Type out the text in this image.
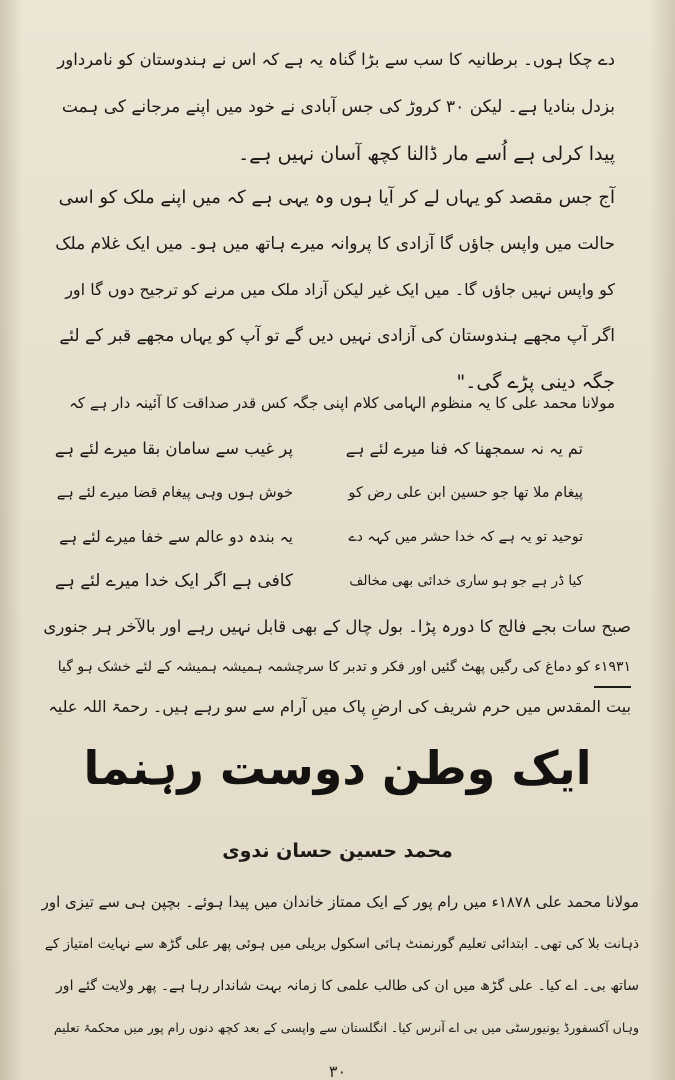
دے چکا ہوں۔ برطانیہ کا سب سے بڑا گناہ یہ ہے کہ اس نے ہندوستان کو نامرداور
بزدل بنادیا ہے۔ لیکن ۳۰ کروڑ کی جس آبادی نے خود میں اپنے مرجانے کی ہمت
پیدا کرلی ہے اُسے مار ڈالنا کچھ آسان نہیں ہے۔
آج جس مقصد کو یہاں لے کر آیا ہوں وہ یہی ہے کہ میں اپنے ملک کو اسی
حالت میں واپس جاؤں گا آزادی کا پروانہ میرے ہاتھ میں ہو۔ میں ایک غلام ملک
کو واپس نہیں جاؤں گا۔ میں ایک غیر لیکن آزاد ملک میں مرنے کو ترجیح دوں گا اور
اگر آپ مجھے ہندوستان کی آزادی نہیں دیں گے تو آپ کو یہاں مجھے قبر کے لئے
جگہ دینی پڑے گی۔"
مولانا محمد علی کا یہ منظوم الہامی کلام اپنی جگہ کس قدر صداقت کا آئینہ دار ہے کہ
تم یہ نہ سمجھنا کہ فنا میرے لئے ہے
پر غیب سے سامان بقا میرے لئے ہے
پیغام ملا تھا جو حسین ابن علی رض کو
خوش ہوں وہی پیغام قضا میرے لئے ہے
توحید تو یہ ہے کہ خدا حشر میں کہہ دے
یہ بندہ دو عالم سے خفا میرے لئے ہے
کیا ڈر ہے جو ہو ساری خدائی بھی مخالف
کافی ہے اگر ایک خدا میرے لئے ہے
صبح سات بجے فالج کا دورہ پڑا۔ بول چال کے بھی قابل نہیں رہے اور بالآخر ہر جنوری
۱۹۳۱ء کو دماغ کی رگیں پھٹ گئیں اور فکر و تدبر کا سرچشمہ ہمیشہ ہمیشہ کے لئے خشک ہو گیا
بیت المقدس میں حرم شریف کی ارضِ پاک میں آرام سے سو رہے ہیں۔ رحمۃ اللہ علیہ
ایک وطن دوست رہنما
محمد حسین حسان ندوی
مولانا محمد علی ۱۸۷۸ء میں رام پور کے ایک ممتاز خاندان میں پیدا ہوئے۔ بچپن ہی سے تیزی اور
ذہانت بلا کی تھی۔ ابتدائی تعلیم گورنمنٹ ہائی اسکول بریلی میں ہوئی پھر علی گڑھ سے نہایت امتیاز کے
ساتھ بی۔ اے کیا۔ علی گڑھ میں ان کی طالب علمی کا زمانہ بہت شاندار رہا ہے۔ پھر ولایت گئے اور
وہاں آکسفورڈ یونیورسٹی میں بی اے آنرس کیا۔ انگلستان سے واپسی کے بعد کچھ دنوں رام پور میں محکمۂ تعلیم
۳۰
